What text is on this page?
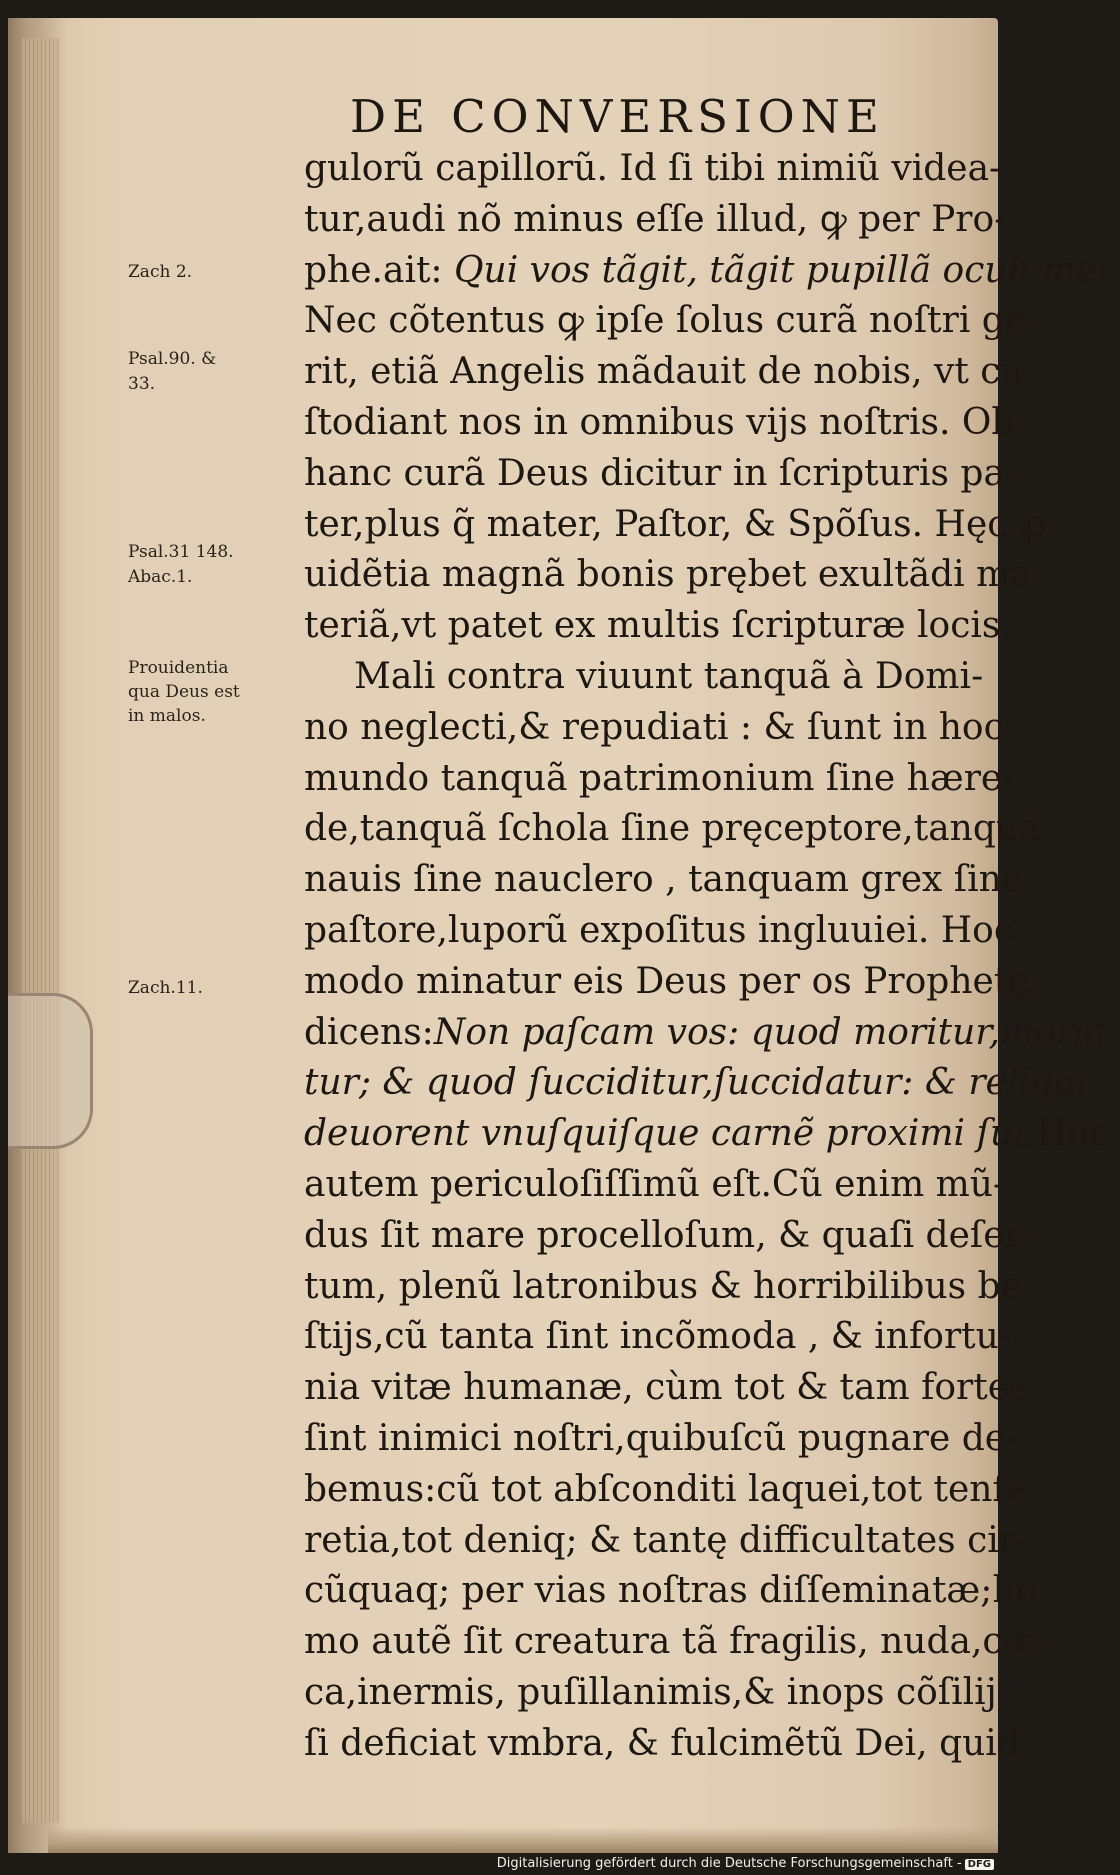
DE CONVERSIONE
Zach 2.
Psal.90. &
33.
Psal.31 148.
Abac.1.
Prouidentia
qua Deus est
in malos.
Zach.11.
gulorũ capillorũ. Id ſi tibi nimiũ videa-
tur,audi nõ minus eſſe illud, ꝙ per Pro-
phe.ait: Qui vos tãgit, tãgit pupillã oculi mei.
Nec cõtentus ꝙ ipſe ſolus curã noſtri ge-
rit, etiã Angelis mãdauit de nobis, vt cu
ſtodiant nos in omnibus vijs noſtris. Ob
hanc curã Deus dicitur in ſcripturis pa-
ter,plus q̃ mater, Paſtor, & Spõſus. Hęc ꝓ
uidẽtia magnã bonis prębet exultãdi ma
teriã,vt patet ex multis ſcripturæ locis.
Mali contra viuunt tanquã à Domi-
no neglecti,& repudiati : & ſunt in hoc
mundo tanquã patrimonium ſine hære-
de,tanquã ſchola ſine pręceptore,tanquã
nauis ſine nauclero , tanquam grex ſine
paſtore,luporũ expoſitus ingluuiei. Hoc
modo minatur eis Deus per os Prophetę,
dicens:Non paſcam vos: quod moritur,moria
tur; & quod ſucciditur,ſuccidatur: & reliqui
deuorent vnuſquiſque carnẽ proximi ſui.Hoc
autem periculoſiſſimũ eſt.Cũ enim mũ-
dus ſit mare procelloſum, & quaſi deſer-
tum, plenũ latronibus & horribilibus be
ſtijs,cũ tanta ſint incõmoda , & infortu-
nia vitæ humanæ, cùm tot & tam fortes
ſint inimici noſtri,quibuſcũ pugnare de-
bemus:cũ tot abſconditi laquei,tot tenſa
retia,tot deniq; & tantę difficultates cir-
cũquaq; per vias noſtras diſſeminatæ;ho
mo autẽ ſit creatura tã fragilis, nuda,cæ-
ca,inermis, puſillanimis,& inops cõſilij:
ſi deficiat vmbra, & fulcimẽtũ Dei, quid
Digitalisierung gefördert durch die Deutsche Forschungsgemeinschaft - DFG
